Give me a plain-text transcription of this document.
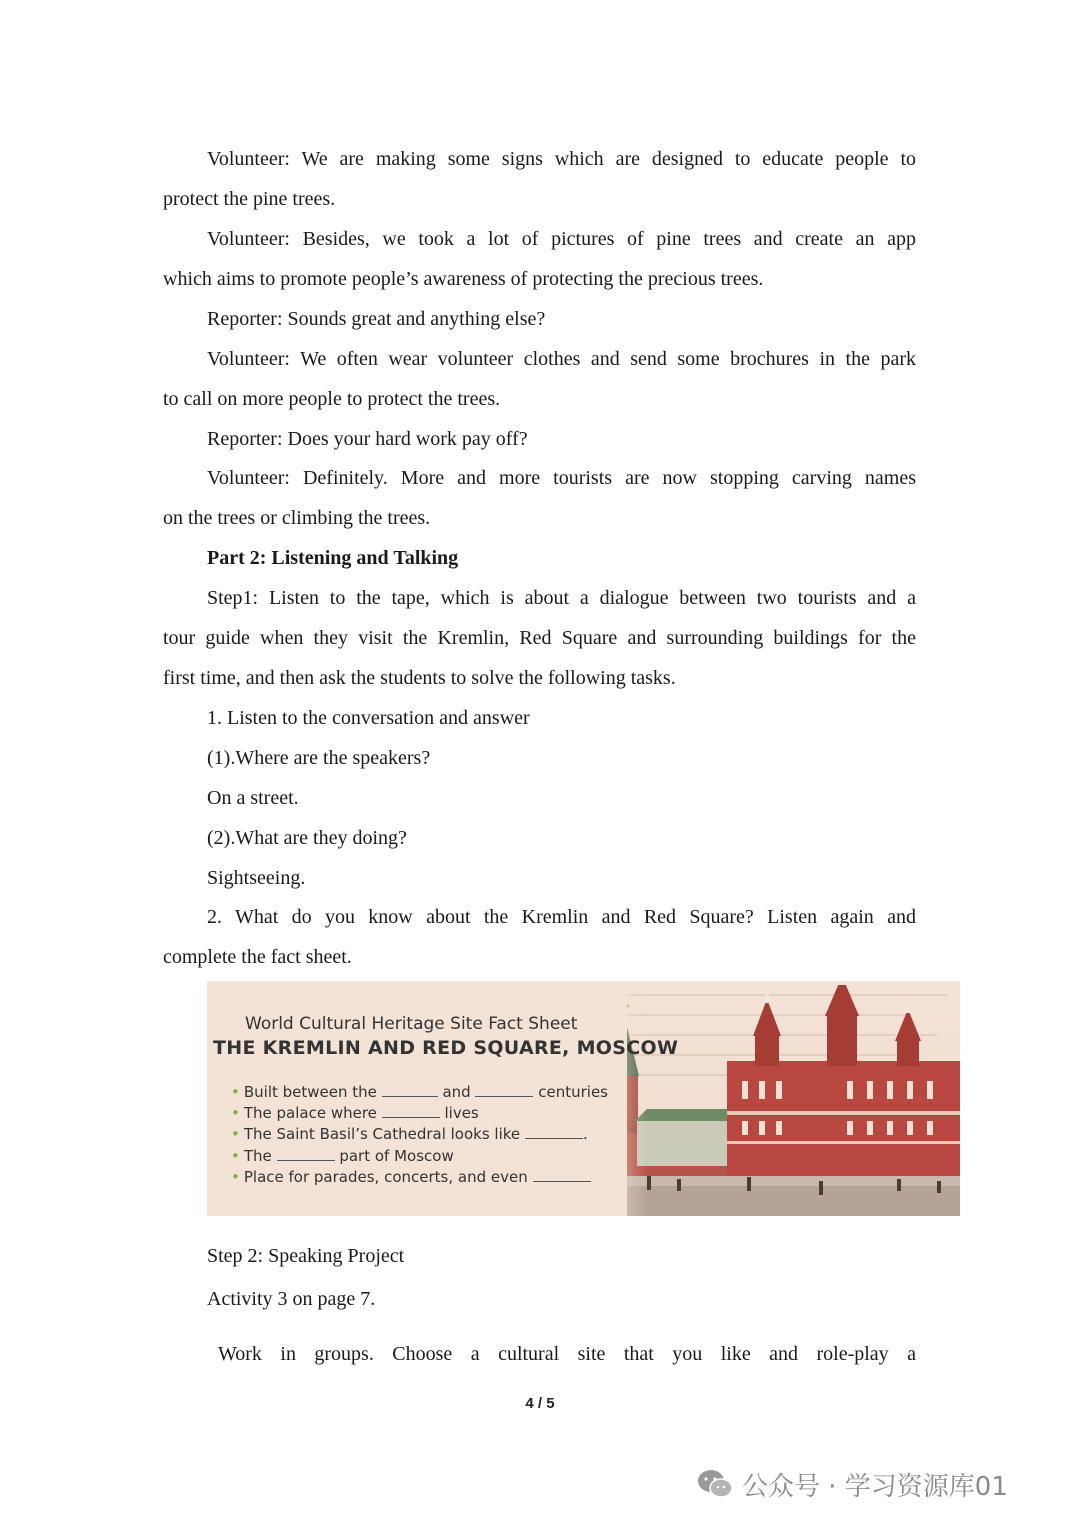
Volunteer: We are making some signs which are designed to educate people to
protect the pine trees.
Volunteer: Besides, we took a lot of pictures of pine trees and create an app
which aims to promote people’s awareness of protecting the precious trees.
Reporter: Sounds great and anything else?
Volunteer: We often wear volunteer clothes and send some brochures in the park
to call on more people to protect the trees.
Reporter: Does your hard work pay off?
Volunteer: Definitely. More and more tourists are now stopping carving names
on the trees or climbing the trees.
Part 2: Listening and Talking
Step1: Listen to the tape, which is about a dialogue between two tourists and a
tour guide when they visit the Kremlin, Red Square and surrounding buildings for the
first time, and then ask the students to solve the following tasks.
1. Listen to the conversation and answer
(1).Where are the speakers?
On a street.
(2).What are they doing?
Sightseeing.
2. What do you know about the Kremlin and Red Square? Listen again and
complete the fact sheet.
World Cultural Heritage Site Fact Sheet
THE KREMLIN AND RED SQUARE, MOSCOW
• Built between the	and	centuries
• The palace where	lives
• The Saint Basil’s Cathedral looks like	.
• The	part of Moscow
• Place for parades, concerts, and even
Step 2: Speaking Project
Activity 3 on page 7.
Work in groups. Choose a cultural site that you like and role-play a
4 / 5
公众号 · 学习资源库01
